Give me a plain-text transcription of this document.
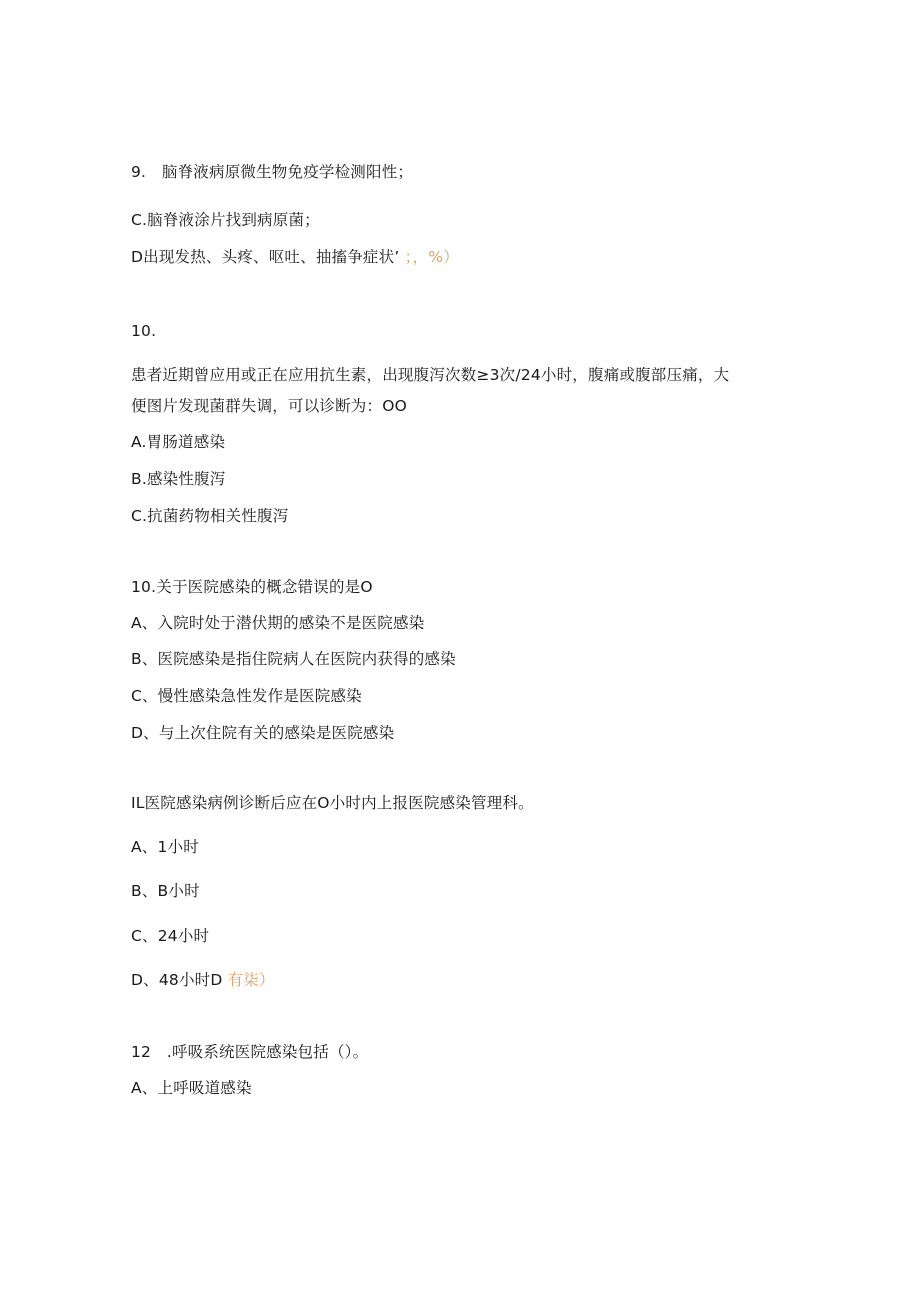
9.　脑脊液病原微生物免疫学检测阳性；
C.脑脊液涂片找到病原菌；
D出现发热、头疼、呕吐、抽搐争症状’ ；，%）
10.
患者近期曾应用或正在应用抗生素，出现腹泻次数≥3次/24小时，腹痛或腹部压痛，大
便图片发现菌群失调，可以诊断为：OO
A.胃肠道感染
B.感染性腹泻
C.抗菌药物相关性腹泻
10.关于医院感染的概念错误的是O
A、入院时处于潜伏期的感染不是医院感染
B、医院感染是指住院病人在医院内获得的感染
C、慢性感染急性发作是医院感染
D、与上次住院有关的感染是医院感染
IL医院感染病例诊断后应在O小时内上报医院感染管理科。
A、1小时
B、B小时
C、24小时
D、48小时D 有柒）
12　.呼吸系统医院感染包括（）。
A、上呼吸道感染
